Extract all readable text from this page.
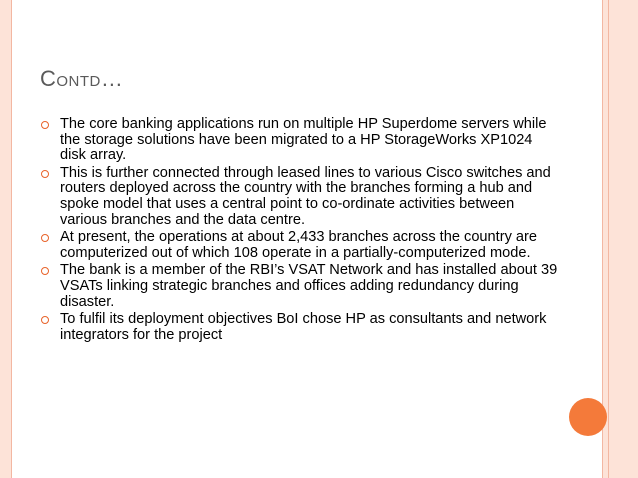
Contd…
The core banking applications run on multiple HP Superdome servers while the storage solutions have been migrated to a HP StorageWorks XP1024 disk array.
This is further connected through leased lines to various Cisco switches and routers deployed across the country with the branches forming a hub and spoke model that uses a central point to co-ordinate activities between various branches and the data centre.
At present, the operations at about 2,433 branches across the country are computerized out of which 108 operate in a partially-computerized mode.
The bank is a member of the RBI’s VSAT Network and has installed about 39 VSATs linking strategic branches and offices adding redundancy during disaster.
To fulfil its deployment objectives BoI chose HP as consultants and network integrators for the project
